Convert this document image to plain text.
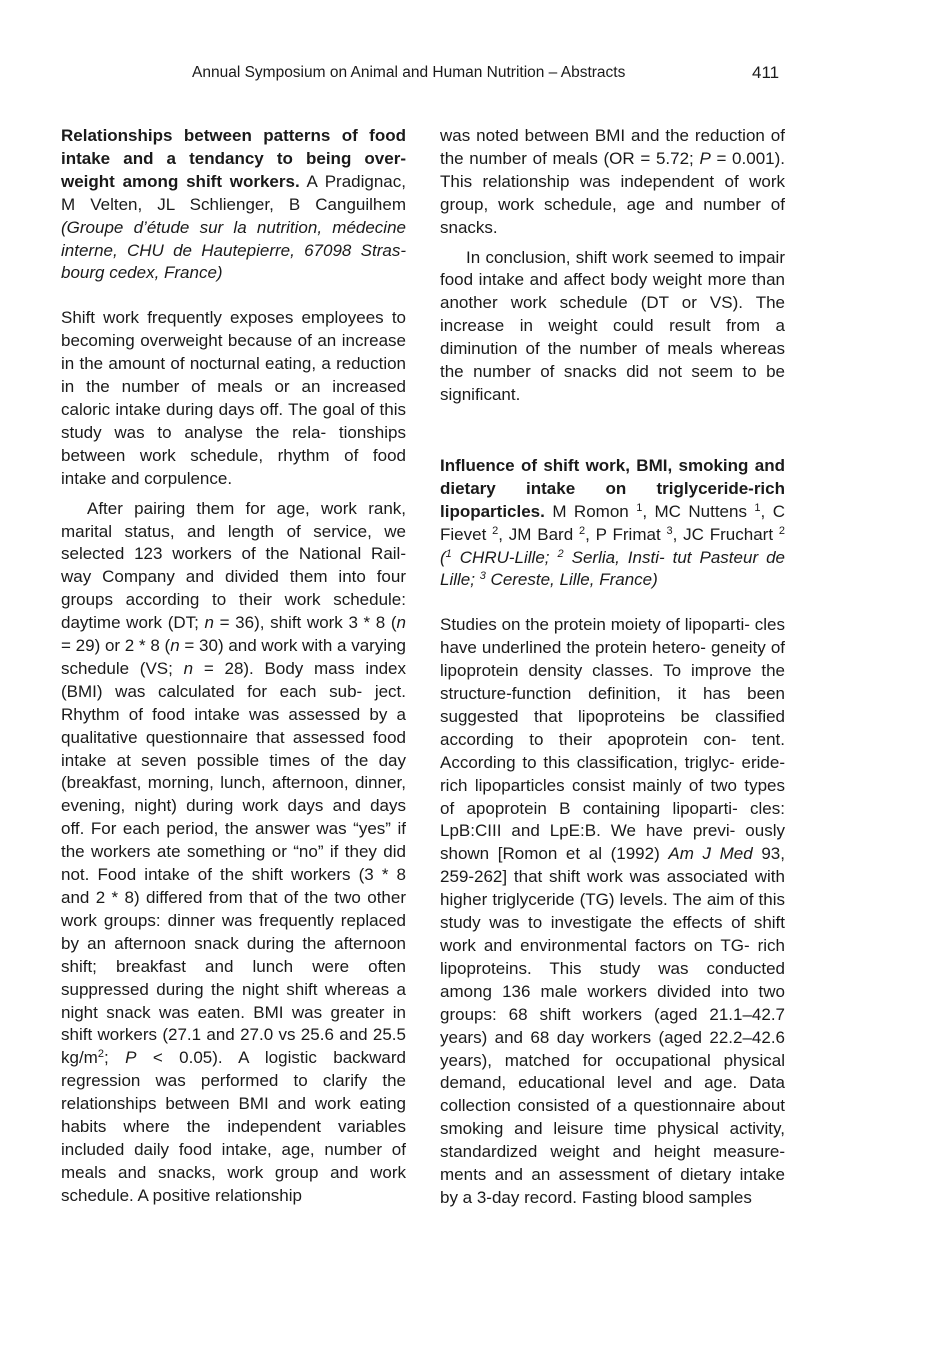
Annual Symposium on Animal and Human Nutrition – Abstracts	411

Relationships between patterns of food intake and a tendancy to being over- weight among shift workers. A Pradignac, M Velten, JL Schlienger, B Canguilhem (Groupe d’étude sur la nutrition, médecine interne, CHU de Hautepierre, 67098 Stras- bourg cedex, France)

Shift work frequently exposes employees to becoming overweight because of an increase in the amount of nocturnal eating, a reduction in the number of meals or an increased caloric intake during days off. The goal of this study was to analyse the rela- tionships between work schedule, rhythm of food intake and corpulence.

After pairing them for age, work rank, marital status, and length of service, we selected 123 workers of the National Rail- way Company and divided them into four groups according to their work schedule: daytime work (DT; n = 36), shift work 3 * 8 (n = 29) or 2 * 8 (n = 30) and work with a varying schedule (VS; n = 28). Body mass index (BMI) was calculated for each sub- ject. Rhythm of food intake was assessed by a qualitative questionnaire that assessed food intake at seven possible times of the day (breakfast, morning, lunch, afternoon, dinner, evening, night) during work days and days off. For each period, the answer was “yes” if the workers ate something or “no” if they did not. Food intake of the shift workers (3 * 8 and 2 * 8) differed from that of the two other work groups: dinner was frequently replaced by an afternoon snack during the afternoon shift; breakfast and lunch were often suppressed during the night shift whereas a night snack was eaten. BMI was greater in shift workers (27.1 and 27.0 vs 25.6 and 25.5 $kg/m^2$; P < 0.05). A logistic backward regression was performed to clarify the relationships between BMI and work eating habits where the independent variables included daily food intake, age, number of meals and snacks, work group and work schedule. A positive relationship

was noted between BMI and the reduction of the number of meals (OR = 5.72; P = 0.001). This relationship was independent of work group, work schedule, age and number of snacks.

In conclusion, shift work seemed to impair food intake and affect body weight more than another work schedule (DT or VS). The increase in weight could result from a diminution of the number of meals whereas the number of snacks did not seem to be significant.

Influence of shift work, BMI, smoking and dietary intake on triglyceride-rich lipoparticles. M Romon $^1$, MC Nuttens $^1$, C Fievet $^2$, JM Bard $^2$, P Frimat $^3$, JC Fruchart $^2$ ($^1$ CHRU-Lille; $^2$ Serlia, Insti- tut Pasteur de Lille; $^3$ Cereste, Lille, France)

Studies on the protein moiety of lipoparti- cles have underlined the protein hetero- geneity of lipoprotein density classes. To improve the structure-function definition, it has been suggested that lipoproteins be classified according to their apoprotein con- tent. According to this classification, triglyc- eride-rich lipoparticles consist mainly of two types of apoprotein B containing lipoparti- cles: LpB:CIII and LpE:B. We have previ- ously shown [Romon et al (1992) Am J Med 93, 259-262] that shift work was associated with higher triglyceride (TG) levels. The aim of this study was to investigate the effects of shift work and environmental factors on TG- rich lipoproteins. This study was conducted among 136 male workers divided into two groups: 68 shift workers (aged 21.1–42.7 years) and 68 day workers (aged 22.2–42.6 years), matched for occupational physical demand, educational level and age. Data collection consisted of a questionnaire about smoking and leisure time physical activity, standardized weight and height measure- ments and an assessment of dietary intake by a 3-day record. Fasting blood samples
